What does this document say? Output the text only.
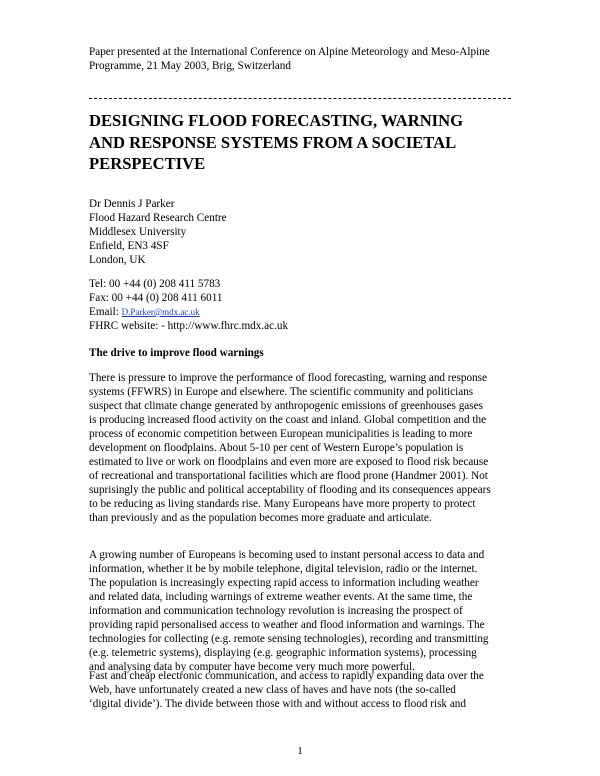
Paper presented at the International Conference on Alpine Meteorology and Meso-Alpine
Programme, 21 May 2003, Brig, Switzerland
DESIGNING FLOOD FORECASTING, WARNING
AND RESPONSE SYSTEMS FROM A SOCIETAL
PERSPECTIVE
Dr Dennis J Parker
Flood Hazard Research Centre
Middlesex University
Enfield, EN3 4SF
London, UK
Tel: 00 +44 (0) 208 411 5783
Fax: 00 +44 (0) 208 411 6011
Email: D.Parker@mdx.ac.uk
FHRC website: - http://www.fhrc.mdx.ac.uk
The drive to improve flood warnings
There is pressure to improve the performance of flood forecasting, warning and response
systems (FFWRS) in Europe and elsewhere. The scientific community and politicians
suspect that climate change generated by anthropogenic emissions of greenhouses gases
is producing increased flood activity on the coast and inland. Global competition and the
process of economic competition between European municipalities is leading to more
development on floodplains. About 5-10 per cent of Western Europe’s population is
estimated to live or work on floodplains and even more are exposed to flood risk because
of recreational and transportational facilities which are flood prone (Handmer 2001). Not
suprisingly the public and political acceptability of flooding and its consequences appears
to be reducing as living standards rise. Many Europeans have more property to protect
than previously and as the population becomes more graduate and articulate.
A growing number of Europeans is becoming used to instant personal access to data and
information, whether it be by mobile telephone, digital television, radio or the internet.
The population is increasingly expecting rapid access to information including weather
and related data, including warnings of extreme weather events. At the same time, the
information and communication technology revolution is increasing the prospect of
providing rapid personalised access to weather and flood information and warnings. The
technologies for collecting (e.g. remote sensing technologies), recording and transmitting
(e.g. telemetric systems), displaying (e.g. geographic information systems), processing
and analysing data by computer have become very much more powerful.
Fast and cheap electronic communication, and access to rapidly expanding data over the
Web, have unfortunately created a new class of haves and have nots (the so-called
‘digital divide’). The divide between those with and without access to flood risk and
1
